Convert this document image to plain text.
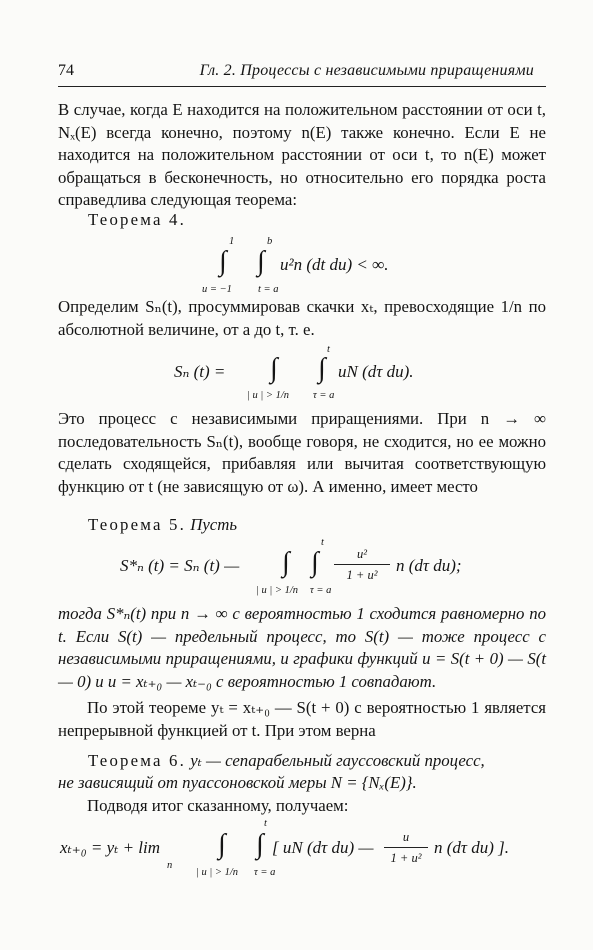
74	Гл. 2. Процессы с независимыми приращениями
В случае, когда E находится на положительном расстоянии от оси t, Nₓ(E) всегда конечно, поэтому n(E) также конечно. Если E не находится на положительном расстоянии от оси t, то n(E) может обращаться в бесконечность, но относительно его порядка роста справедлива следующая теорема:
Теорема 4.
1
∫
u = −1
b
∫
t = a
u²n (dt du) < ∞.
Определим Sₙ(t), просуммировав скачки xₜ, превосходящие 1/n по абсолютной величине, от a до t, т. е.
Sₙ (t) = ∫
| u | > 1/n
t
∫
τ = a
uN (dτ du).
Это процесс с независимыми приращениями. При n → ∞ последовательность Sₙ(t), вообще говоря, не сходится, но ее можно сделать сходящейся, прибавляя или вычитая соответствующую функцию от t (не зависящую от ω). А именно, имеет место
Теорема 5. Пусть
S*ₙ (t) = Sₙ (t) — ∫
| u | > 1/n
t
∫
τ = a
$\frac{\text{u²}}{\text{1 + u²}}$ n (dτ du);
тогда S*ₙ(t) при n → ∞ с вероятностью 1 сходится равномерно по t. Если S(t) — предельный процесс, то S(t) — тоже процесс с независимыми приращениями, и графики функций u = S(t + 0) — S(t — 0) и u = xₜ₊₀ — xₜ₋₀ с вероятностью 1 совпадают.
По этой теореме yₜ = xₜ₊₀ — S(t + 0) с вероятностью 1 является непрерывной функцией от t. При этом верна
Теорема 6. yₜ — сепарабельный гауссовский процесс,
не зависящий от пуассоновской меры N = {Nₓ(E)}.
Подводя итог сказанному, получаем:
xₜ₊₀ = yₜ + lim
n
∫
| u | > 1/n
t
∫
τ = a
[ uN (dτ du) — $\frac{u}{\text{1 + u²}}$ n (dτ du) ].
